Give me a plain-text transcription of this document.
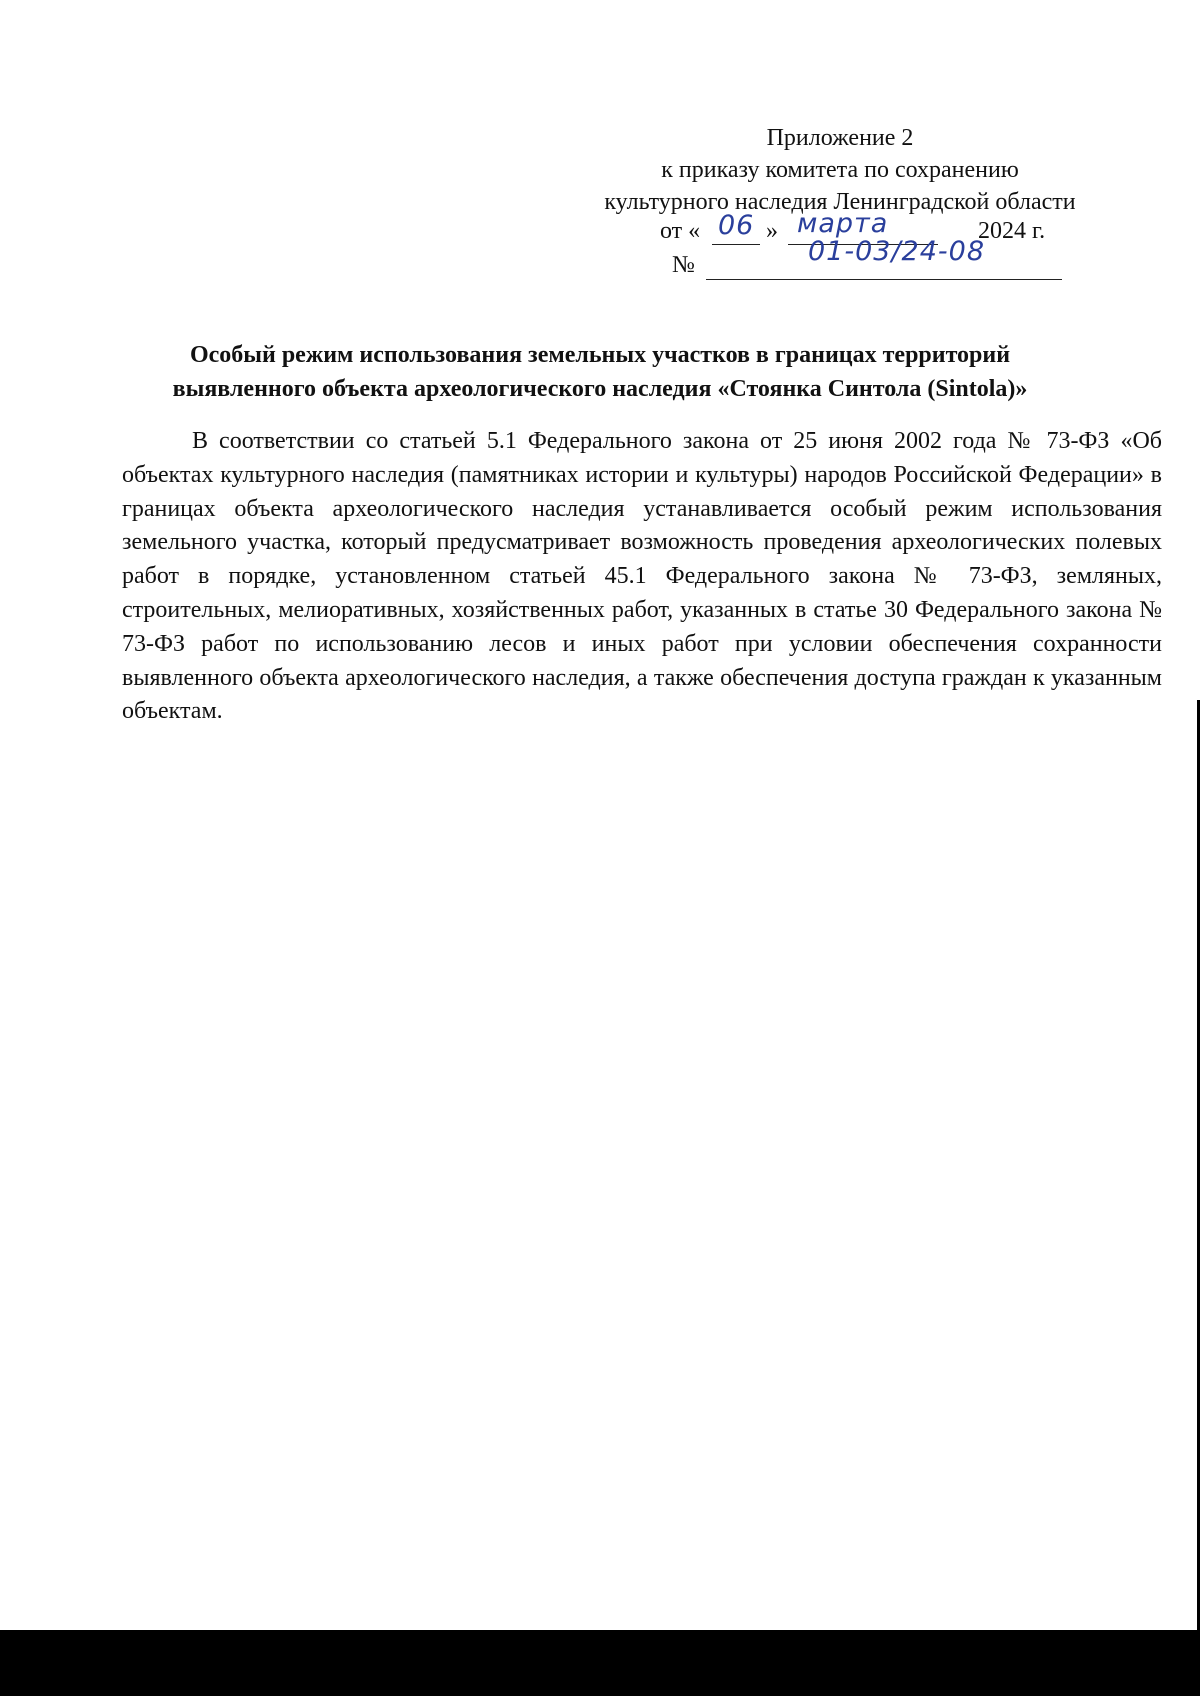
Приложение 2
к приказу комитета по сохранению
культурного наследия Ленинградской области
от « 06 » марта	2024 г.
№	01-03/24-08
Особый режим использования земельных участков в границах территорий
выявленного объекта археологического наследия «Стоянка Синтола (Sintola)»
В соответствии со статьей 5.1 Федерального закона от 25 июня 2002 года № 73-ФЗ «Об объектах культурного наследия (памятниках истории и культуры) народов Российской Федерации» в границах объекта археологического наследия устанавливается особый режим использования земельного участка, который предусматривает возможность проведения археологических полевых работ в порядке, установленном статьей 45.1 Федерального закона № 73-ФЗ, земляных, строительных, мелиоративных, хозяйственных работ, указанных в статье 30 Федерального закона № 73-ФЗ работ по использованию лесов и иных работ при условии обеспечения сохранности выявленного объекта археологического наследия, а также обеспечения доступа граждан к указанным объектам.
